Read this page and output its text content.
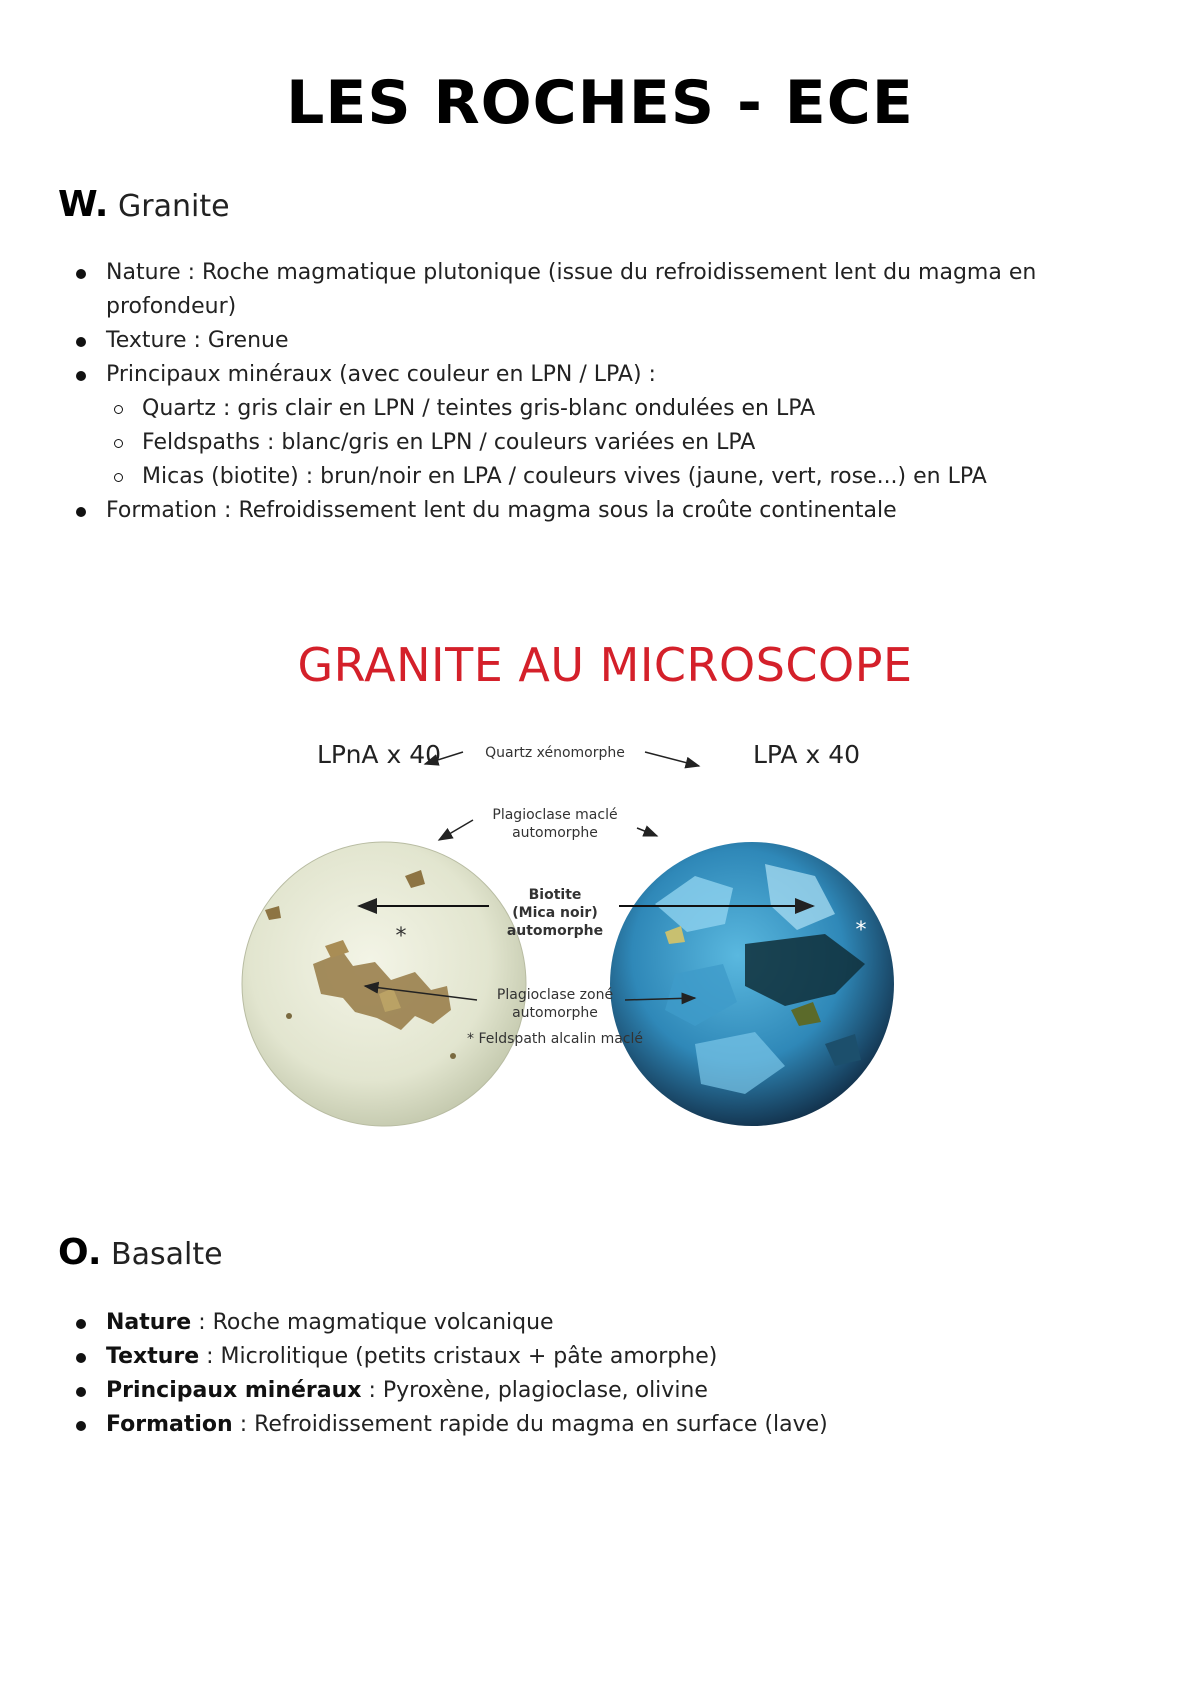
LES ROCHES - ECE
W. Granite
Nature : Roche magmatique plutonique (issue du refroidissement lent du magma en profondeur)
Texture : Grenue
Principaux minéraux (avec couleur en LPN / LPA) :
Quartz : gris clair en LPN / teintes gris-blanc ondulées en LPA
Feldspaths : blanc/gris en LPN / couleurs variées en LPA
Micas (biotite) : brun/noir en LPA / couleurs vives (jaune, vert, rose...) en LPA
Formation : Refroidissement lent du magma sous la croûte continentale
GRANITE AU MICROSCOPE
LPnA x 40	LPA x 40
Quartz xénomorphe
Plagioclase maclé
automorphe
Biotite
(Mica noir)
automorphe
Plagioclase zoné
automorphe
* Feldspath alcalin maclé
*	*
O. Basalte
Nature : Roche magmatique volcanique
Texture : Microlitique (petits cristaux + pâte amorphe)
Principaux minéraux : Pyroxène, plagioclase, olivine
Formation : Refroidissement rapide du magma en surface (lave)
